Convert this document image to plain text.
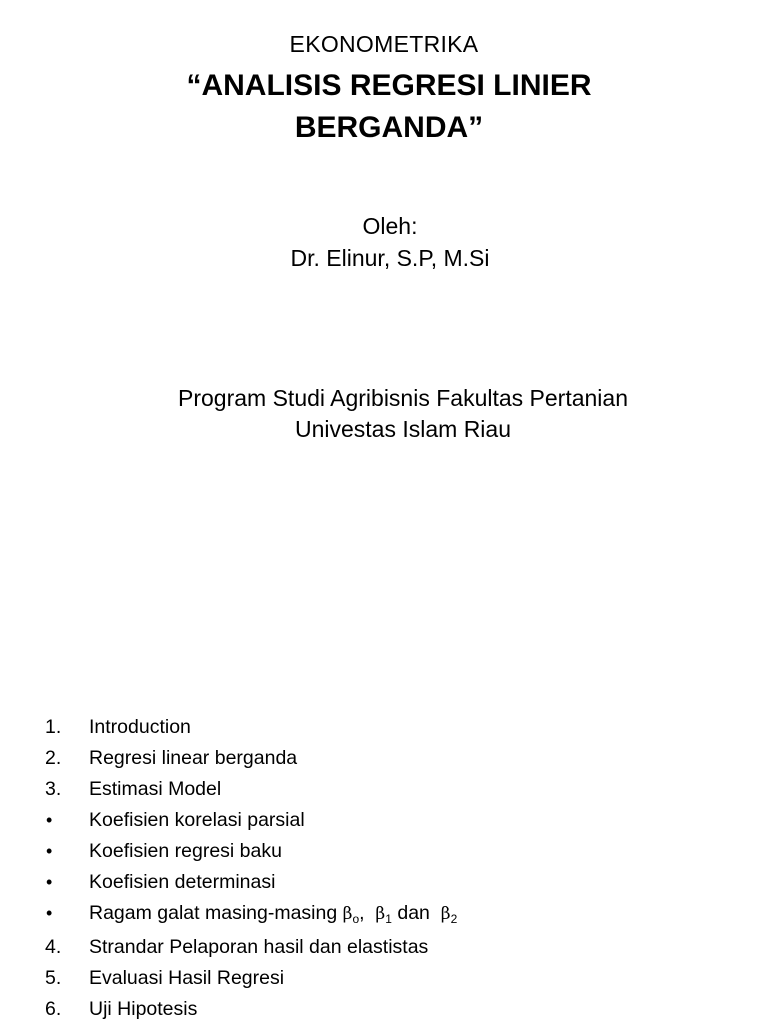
EKONOMETRIKA
“ANALISIS REGRESI LINIER
BERGANDA”
Oleh:
Dr. Elinur, S.P, M.Si
Program Studi Agribisnis Fakultas Pertanian
Univestas Islam Riau
1. Introduction
2. Regresi linear berganda
3. Estimasi Model
• Koefisien korelasi parsial
• Koefisien regresi baku
• Koefisien determinasi
• Ragam galat masing-masing $\beta_o$, $\beta_1$ dan $\beta_2$
4. Strandar Pelaporan hasil dan elastistas
5. Evaluasi Hasil Regresi
6. Uji Hipotesis
